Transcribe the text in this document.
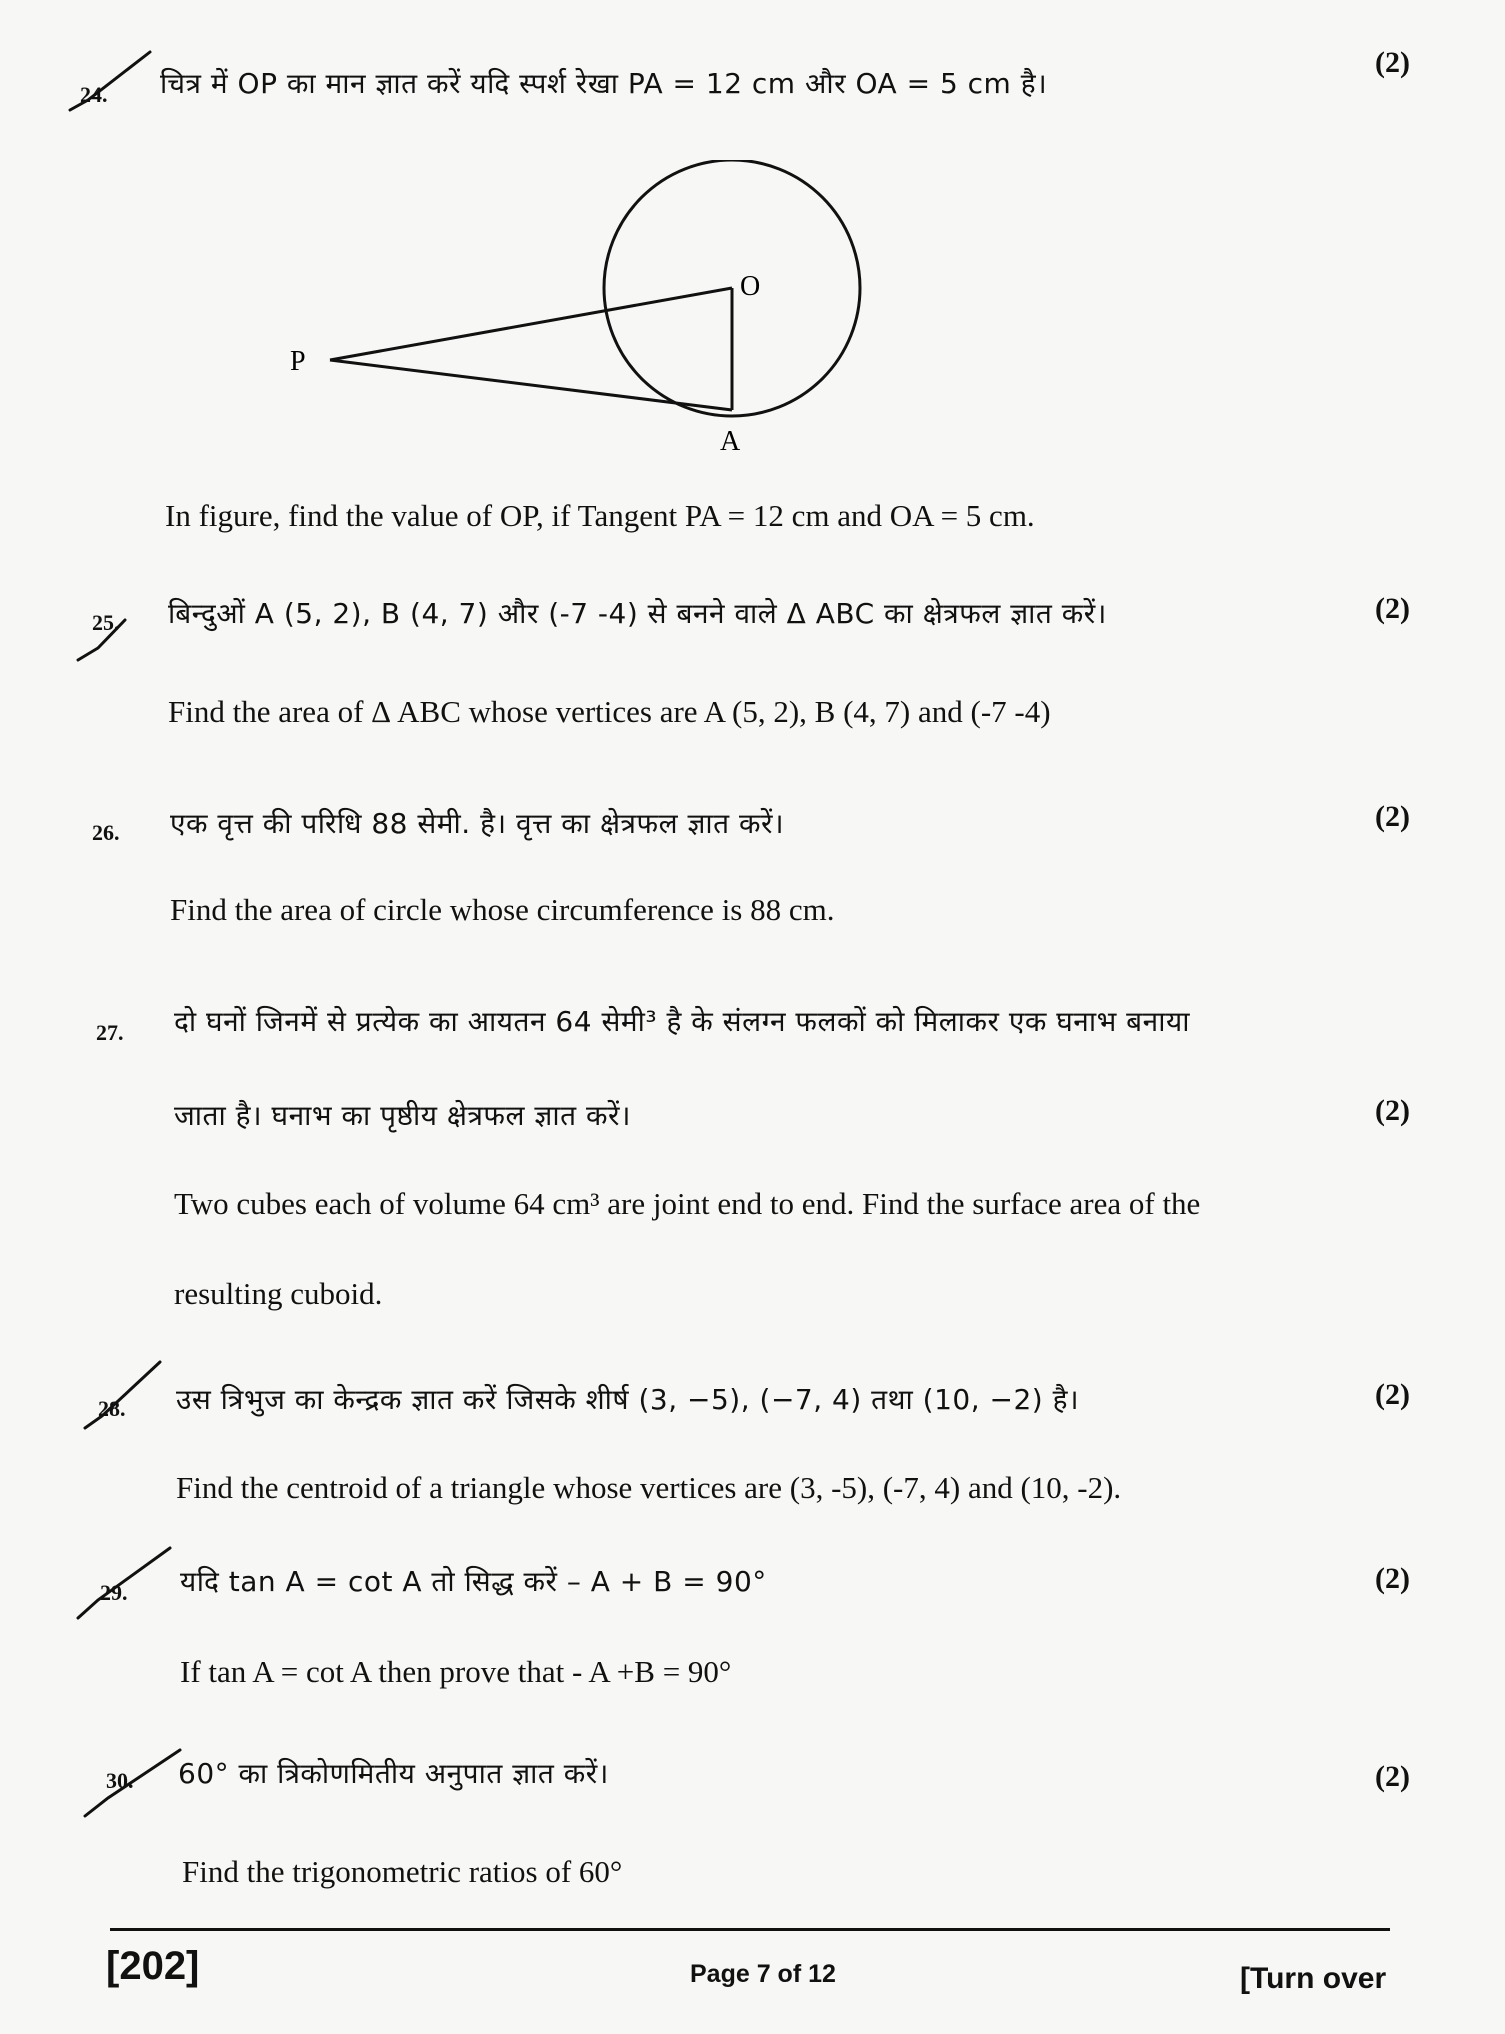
24. चित्र में OP का मान ज्ञात करें यदि स्पर्श रेखा PA = 12 cm और OA = 5 cm है।
(2)
P
O
A
In figure, find the value of OP, if Tangent PA = 12 cm and OA = 5 cm.
25. बिन्दुओं A (5, 2), B (4, 7) और (-7 -4) से बनने वाले Δ ABC का क्षेत्रफल ज्ञात करें।	(2)
Find the area of Δ ABC whose vertices are A (5, 2), B (4, 7) and (-7 -4)
26. एक वृत्त की परिधि 88 सेमी. है। वृत्त का क्षेत्रफल ज्ञात करें।	(2)
Find the area of circle whose circumference is 88 cm.
27. दो घनों जिनमें से प्रत्येक का आयतन 64 सेमी³ है के संलग्न फलकों को मिलाकर एक घनाभ बनाया
जाता है। घनाभ का पृष्ठीय क्षेत्रफल ज्ञात करें।	(2)
Two cubes each of volume 64 cm³ are joint end to end. Find the surface area of the
resulting cuboid.
28. उस त्रिभुज का केन्द्रक ज्ञात करें जिसके शीर्ष (3, −5), (−7, 4) तथा (10, −2) है।	(2)
Find the centroid of a triangle whose vertices are (3, -5), (-7, 4) and (10, -2).
29. यदि tan A = cot A तो सिद्ध करें – A + B = 90°	(2)
If tan A = cot A then prove that - A +B = 90°
30. 60° का त्रिकोणमितीय अनुपात ज्ञात करें।	(2)
Find the trigonometric ratios of 60°
[202]	Page 7 of 12	[Turn over
